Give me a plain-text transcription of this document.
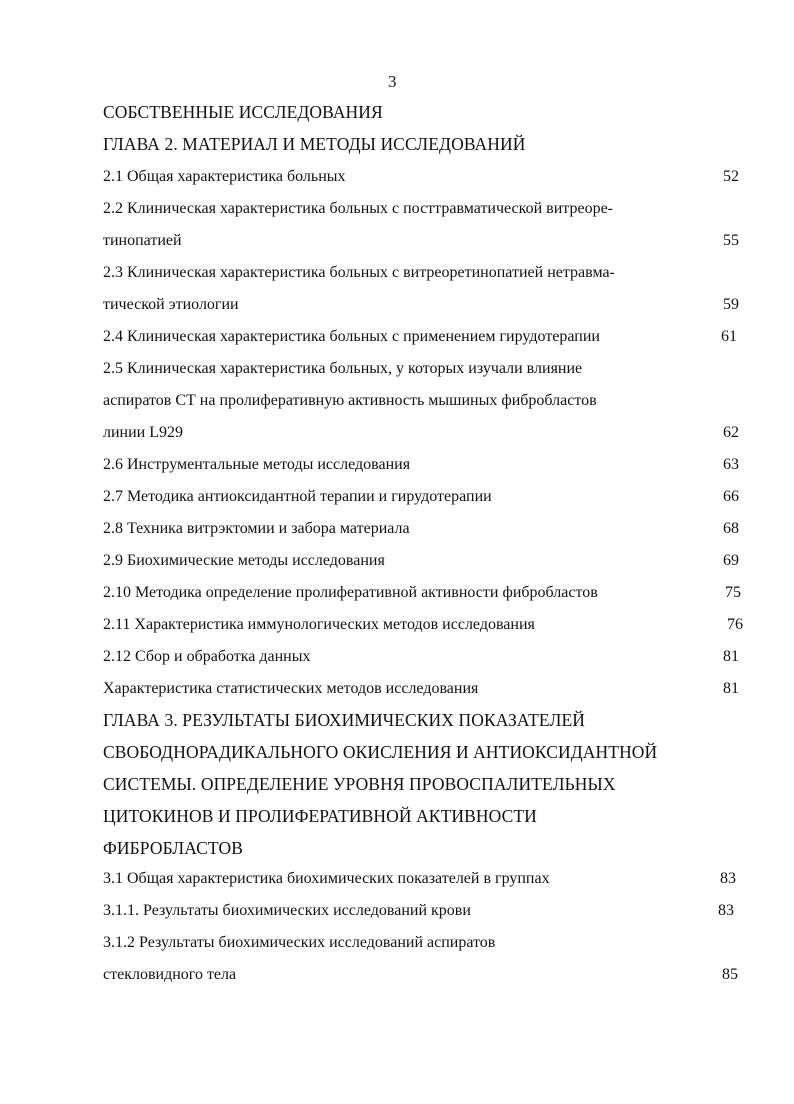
3
СОБСТВЕННЫЕ ИССЛЕДОВАНИЯ
ГЛАВА 2. МАТЕРИАЛ И МЕТОДЫ ИССЛЕДОВАНИЙ
2.1 Общая характеристика больных	52
2.2 Клиническая характеристика больных с посттравматической витреоре-
тинопатией	55
2.3 Клиническая характеристика больных с витреоретинопатией нетравма-
тической этиологии	59
2.4 Клиническая характеристика больных с применением гирудотерапии	61
2.5 Клиническая характеристика больных, у которых изучали влияние
аспиратов СТ на пролиферативную активность мышиных фибробластов
линии L929	62
2.6 Инструментальные методы исследования	63
2.7 Методика антиоксидантной терапии и гирудотерапии	66
2.8 Техника витрэктомии и забора материала	68
2.9 Биохимические методы исследования	69
2.10 Методика определение пролиферативной активности фибробластов	75
2.11 Характеристика иммунологических методов исследования	76
2.12 Сбор и обработка данных	81
Характеристика статистических методов исследования	81
ГЛАВА 3. РЕЗУЛЬТАТЫ БИОХИМИЧЕСКИХ ПОКАЗАТЕЛЕЙ
СВОБОДНОРАДИКАЛЬНОГО ОКИСЛЕНИЯ И АНТИОКСИДАНТНОЙ
СИСТЕМЫ. ОПРЕДЕЛЕНИЕ УРОВНЯ ПРОВОСПАЛИТЕЛЬНЫХ
ЦИТОКИНОВ И ПРОЛИФЕРАТИВНОЙ АКТИВНОСТИ
ФИБРОБЛАСТОВ
3.1 Общая характеристика биохимических показателей в группах	83
3.1.1. Результаты биохимических исследований крови	83
3.1.2 Результаты биохимических исследований аспиратов
стекловидного тела	85
